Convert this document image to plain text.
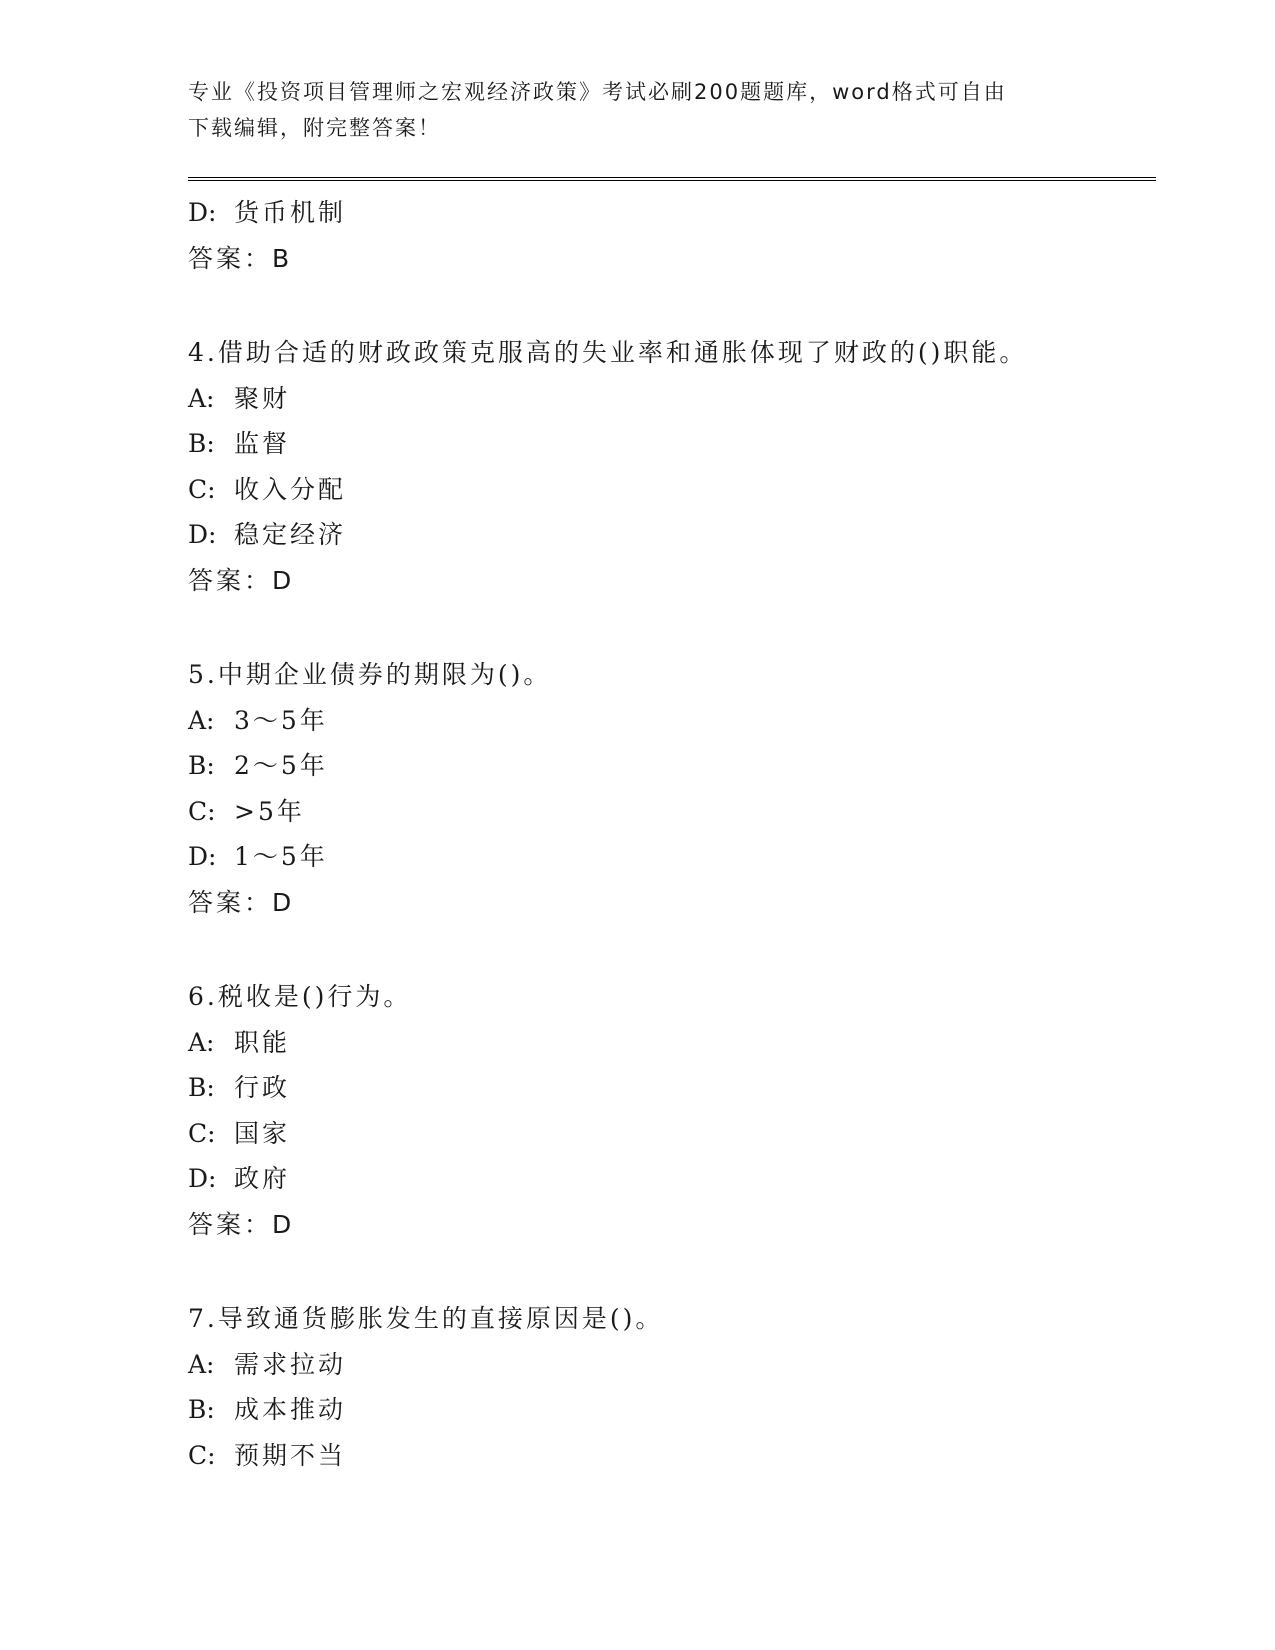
专业《投资项目管理师之宏观经济政策》考试必刷200题题库，word格式可自由
下载编辑，附完整答案！
D: 货币机制
答案：B
4.借助合适的财政政策克服高的失业率和通胀体现了财政的()职能。
A: 聚财
B: 监督
C: 收入分配
D: 稳定经济
答案：D
5.中期企业债券的期限为()。
A: 3～5年
B: 2～5年
C: >5年
D: 1～5年
答案：D
6.税收是()行为。
A: 职能
B: 行政
C: 国家
D: 政府
答案：D
7.导致通货膨胀发生的直接原因是()。
A: 需求拉动
B: 成本推动
C: 预期不当
